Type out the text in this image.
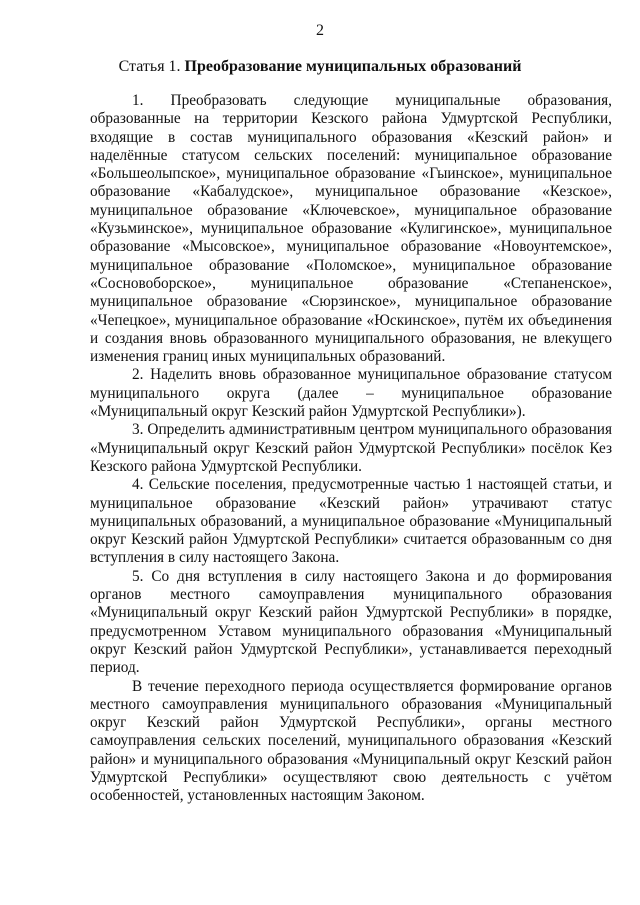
2
Статья 1. Преобразование муниципальных образований

1. Преобразовать следующие муниципальные образования, образованные на территории Кезского района Удмуртской Республики, входящие в состав муниципального образования «Кезский район» и наделённые статусом сельских поселений: муниципальное образование «Большеолыпское», муниципальное образование «Гыинское», муниципальное образование «Кабалудское», муниципальное образование «Кезское», муниципальное образование «Ключевское», муниципальное образование «Кузьминское», муниципальное образование «Кулигинское», муниципальное образование «Мысовское», муниципальное образование «Новоунтемское», муниципальное образование «Поломское», муниципальное образование «Сосновоборское», муниципальное образование «Степаненское», муниципальное образование «Сюрзинское», муниципальное образование «Чепецкое», муниципальное образование «Юскинское», путём их объединения и создания вновь образованного муниципального образования, не влекущего изменения границ иных муниципальных образований.

2. Наделить вновь образованное муниципальное образование статусом муниципального округа (далее – муниципальное образование «Муниципальный округ Кезский район Удмуртской Республики»).

3. Определить административным центром муниципального образования «Муниципальный округ Кезский район Удмуртской Республики» посёлок Кез Кезского района Удмуртской Республики.

4. Сельские поселения, предусмотренные частью 1 настоящей статьи, и муниципальное образование «Кезский район» утрачивают статус муниципальных образований, а муниципальное образование «Муниципальный округ Кезский район Удмуртской Республики» считается образованным со дня вступления в силу настоящего Закона.

5. Со дня вступления в силу настоящего Закона и до формирования органов местного самоуправления муниципального образования «Муниципальный округ Кезский район Удмуртской Республики» в порядке, предусмотренном Уставом муниципального образования «Муниципальный округ Кезский район Удмуртской Республики», устанавливается переходный период.

В течение переходного периода осуществляется формирование органов местного самоуправления муниципального образования «Муниципальный округ Кезский район Удмуртской Республики», органы местного самоуправления сельских поселений, муниципального образования «Кезский район» и муниципального образования «Муниципальный округ Кезский район Удмуртской Республики» осуществляют свою деятельность с учётом особенностей, установленных настоящим Законом.
